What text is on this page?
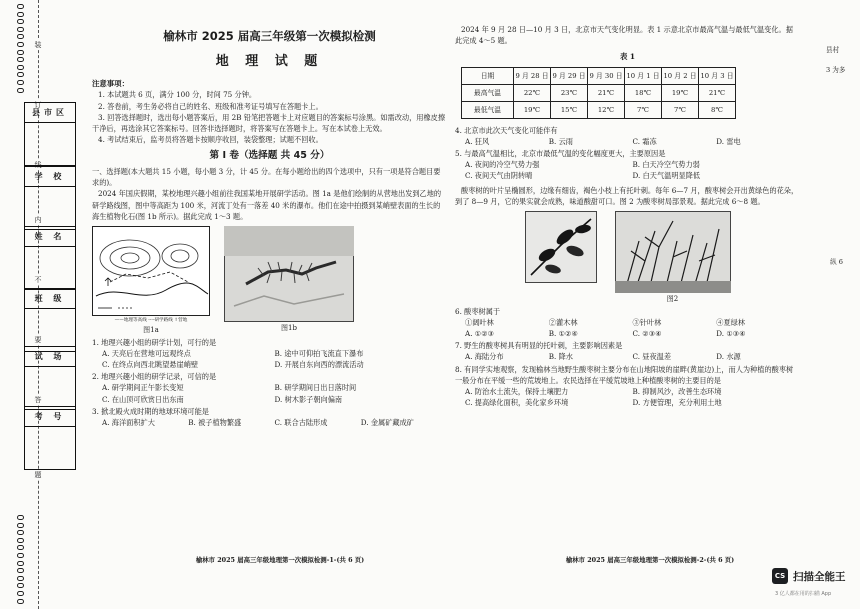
装
订
线
内
不
要
答
题
县市区
学 校
姓 名
班 级
试 场
考 号
榆林市 2025 届高三年级第一次模拟检测
地 理 试 题
注意事项：
1. 本试题共 6 页，满分 100 分，时间 75 分钟。
2. 答卷前，考生务必将自己的姓名、班级和准考证号填写在答题卡上。
3. 回答选择题时，选出每小题答案后，用 2B 铅笔把答题卡上对应题目的答案标号涂黑。如需改动，用橡皮擦干净后，再选涂其它答案标号。回答非选择题时，将答案写在答题卡上。写在本试卷上无效。
4. 考试结束后，监考员将答题卡按顺序收回，装袋整理；试题不回收。
第 Ⅰ 卷（选择题 共 45 分）
一、选择题(本大题共 15 小题，每小题 3 分，计 45 分。在每小题给出的四个选项中，只有一项是符合题目要求的)。
2024 年国庆假期，某校地理兴趣小组前往我国某地开展研学活动。图 1a 是他们绘制的从营地出发到乙地的研学路线图，图中等高距为 100 米，河流丁处有一落差 40 米的瀑布。他们在途中拍摄到某峭壁表面的生长的海生植物化石(图 1b 所示)。据此完成 1～3 题。
——地理等高线 ----研学路线 ↑营地
图1a	图1b
1. 地理兴趣小组的研学计划，可行的是
A. 天亮后在营地可远观终点	B. 途中可仰拍飞流直下瀑布
C. 在终点向西北眺望悬崖峭壁	D. 开展自东向西的漂流活动
2. 地理兴趣小组的研学记录，可信的是
A. 研学期间正午影长变短	B. 研学期间日出日落时间
C. 在山顶可欣赏日出东南	D. 树木影子朝向偏南
3. 掀北殿火成时期的地球环境可能是
A. 海洋面积扩大	B. 被子植物繁盛	C. 联合古陆形成	D. 金属矿藏成矿
榆林市 2025 届高三年级地理第一次模拟检测-1-(共 6 页)
2024 年 9 月 28 日—10 月 3 日，北京市天气变化明显。表 1 示意北京市最高气温与最低气温变化。据此完成 4～5 题。
表 1
日期	9 月 28 日	9 月 29 日	9 月 30 日	10 月 1 日	10 月 2 日	10 月 3 日
最高气温	22℃	23℃	21℃	18℃	19℃	21℃
最低气温	19℃	15℃	12℃	7℃	7℃	8℃
4. 北京市此次天气变化可能伴有
A. 狂风	B. 云雨	C. 霜冻	D. 雷电
5. 与最高气温相比，北京市最低气温的变化幅度更大，主要原因是
A. 夜间的冷空气势力强	B. 白天冷空气势力弱
C. 夜间天气由阴转晴	D. 白天气温明显降低
酸枣树的叶片呈椭圆形，边缘有细齿，褐色小枝上有托叶刺。每年 6—7 月，酸枣树会开出黄绿色的花朵，到了 8—9 月，它的果实就会成熟，味道酸甜可口。图 2 为酸枣树局部景观。据此完成 6～8 题。
图2
6. 酸枣树属于
①阔叶林	②灌木林	③针叶林	④夏绿林
A. ①②③	B. ①②④	C. ②③④	D. ①③④
7. 野生的酸枣树具有明显的托叶刺，主要影响因素是
A. 海陆分布	B. 降水	C. 昼夜温差	D. 水源
8. 有同学实地观察，发现榆林当地野生酸枣树主要分布在山地阳坡的崖畔(黄崖边)上，而人为种植的酸枣树一般分布在平缓一些的荒坡地上。农民选择在平缓荒坡地上种植酸枣树的主要目的是
A. 防治水土流失，保持土壤肥力	B. 抑制风沙，改善生态环境
C. 提高绿化面积，美化家乡环境	D. 方便管理，充分利用土地
榆林市 2025 届高三年级地理第一次模拟检测-2-(共 6 页)
县村
3 为多
纵 6
CS 扫描全能王
3 亿人都在用的扫描 App
